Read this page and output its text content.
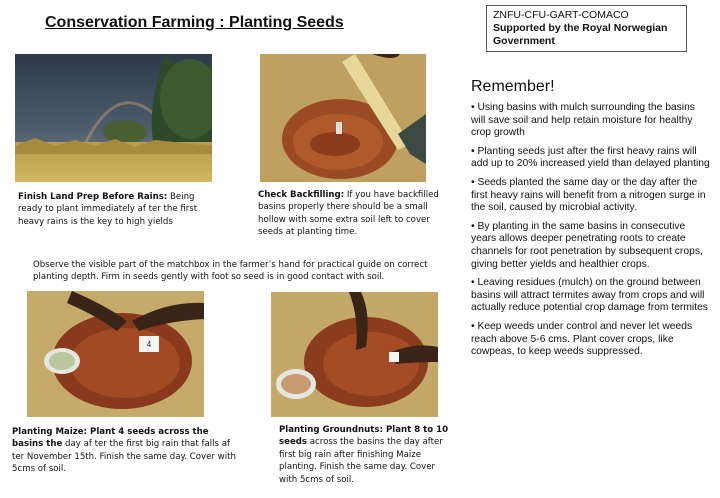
Conservation Farming : Planting Seeds	ZNFU-CFU-GART-COMACO
Supported by the Royal Norwegian Government
4
Finish Land Prep Before Rains: Being ready to plant immediately af ter the first heavy rains is the key to high yields
Check Backfilling: If you have backfilled basins properly there should be a small hollow with some extra soil left to cover seeds at planting time.
Observe the visible part of the matchbox in the farmer’s hand for practical guide on correct planting depth. Firm in seeds gently with foot so seed is in good contact with soil.
Planting Maize: Plant 4 seeds across the basins the day af ter the first big rain that falls af ter November 15th. Finish the same day. Cover with 5cms of soil.
Planting Groundnuts: Plant 8 to 10 seeds across the basins the day after first big rain after finishing Maize planting. Finish the same day. Cover with 5cms of soil.
Remember!
• Using basins with mulch surrounding the basins will save soil and help retain moisture for healthy crop growth
• Planting seeds just after the first heavy rains will add up to 20% increased yield than delayed planting
• Seeds planted the same day or the day after the first heavy rains will benefit from a nitrogen surge in the soil, caused by microbial activity.
• By planting in the same basins in consecutive years allows deeper penetrating roots to create channels for root penetration by subsequent crops, giving better yields and healthier crops.
• Leaving residues (mulch) on the ground between basins will attract termites away from crops and will actually reduce potential crop damage from termites
• Keep weeds under control and never let weeds reach above 5-6 cms. Plant cover crops, like cowpeas, to keep weeds suppressed.
